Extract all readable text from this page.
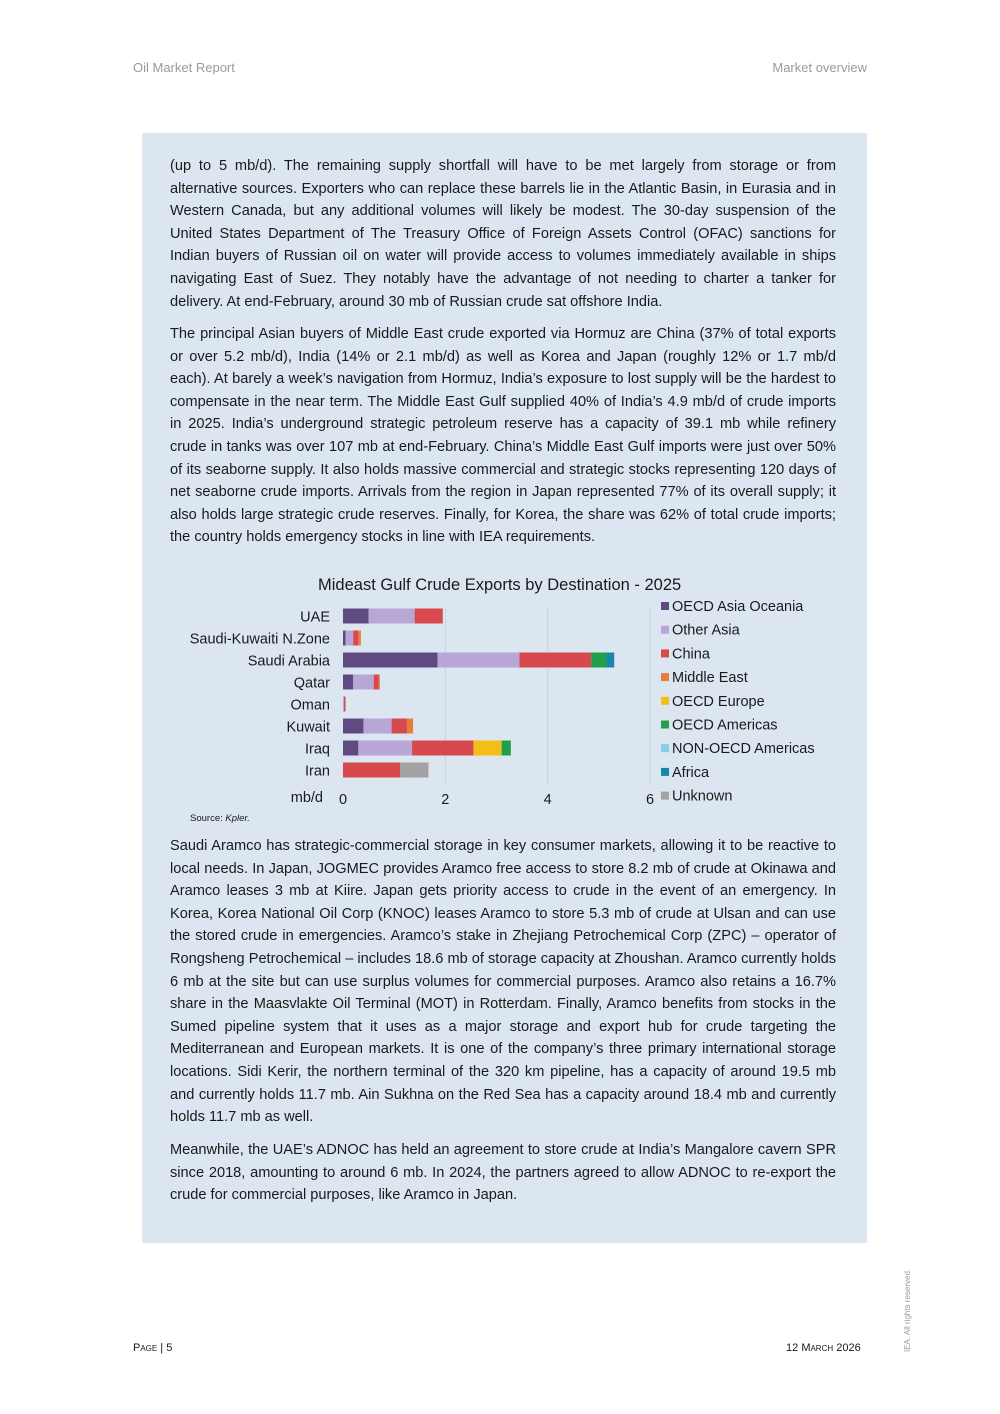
Oil Market Report	Market overview

(up to 5 mb/d). The remaining supply shortfall will have to be met largely from storage or from alternative sources. Exporters who can replace these barrels lie in the Atlantic Basin, in Eurasia and in Western Canada, but any additional volumes will likely be modest. The 30-day suspension of the United States Department of The Treasury Office of Foreign Assets Control (OFAC) sanctions for Indian buyers of Russian oil on water will provide access to volumes immediately available in ships navigating East of Suez. They notably have the advantage of not needing to charter a tanker for delivery. At end-February, around 30 mb of Russian crude sat offshore India.

The principal Asian buyers of Middle East crude exported via Hormuz are China (37% of total exports or over 5.2 mb/d), India (14% or 2.1 mb/d) as well as Korea and Japan (roughly 12% or 1.7 mb/d each). At barely a week’s navigation from Hormuz, India’s exposure to lost supply will be the hardest to compensate in the near term. The Middle East Gulf supplied 40% of India’s 4.9 mb/d of crude imports in 2025. India’s underground strategic petroleum reserve has a capacity of 39.1 mb while refinery crude in tanks was over 107 mb at end-February. China’s Middle East Gulf imports were just over 50% of its seaborne supply. It also holds massive commercial and strategic stocks representing 120 days of net seaborne crude imports. Arrivals from the region in Japan represented 77% of its overall supply; it also holds large strategic crude reserves. Finally, for Korea, the share was 62% of total crude imports; the country holds emergency stocks in line with IEA requirements.

Mideast Gulf Crude Exports by Destination - 2025
UAE
Saudi-Kuwaiti N.Zone
Saudi Arabia
Qatar
Oman
Kuwait
Iraq
Iran
mb/d 0	2	4	6
OECD Asia Oceania
Other Asia
China
Middle East
OECD Europe
OECD Americas
NON-OECD Americas
Africa
Unknown
Source: Kpler.

Saudi Aramco has strategic-commercial storage in key consumer markets, allowing it to be reactive to local needs. In Japan, JOGMEC provides Aramco free access to store 8.2 mb of crude at Okinawa and Aramco leases 3 mb at Kiire. Japan gets priority access to crude in the event of an emergency. In Korea, Korea National Oil Corp (KNOC) leases Aramco to store 5.3 mb of crude at Ulsan and can use the stored crude in emergencies. Aramco’s stake in Zhejiang Petrochemical Corp (ZPC) – operator of Rongsheng Petrochemical – includes 18.6 mb of storage capacity at Zhoushan. Aramco currently holds 6 mb at the site but can use surplus volumes for commercial purposes. Aramco also retains a 16.7% share in the Maasvlakte Oil Terminal (MOT) in Rotterdam. Finally, Aramco benefits from stocks in the Sumed pipeline system that it uses as a major storage and export hub for crude targeting the Mediterranean and European markets. It is one of the company’s three primary international storage locations. Sidi Kerir, the northern terminal of the 320 km pipeline, has a capacity of around 19.5 mb and currently holds 11.7 mb. Ain Sukhna on the Red Sea has a capacity around 18.4 mb and currently holds 11.7 mb as well.

Meanwhile, the UAE’s ADNOC has held an agreement to store crude at India’s Mangalore cavern SPR since 2018, amounting to around 6 mb. In 2024, the partners agreed to allow ADNOC to re-export the crude for commercial purposes, like Aramco in Japan.

Page | 5	12 March 2026	IEA. All rights reserved.
